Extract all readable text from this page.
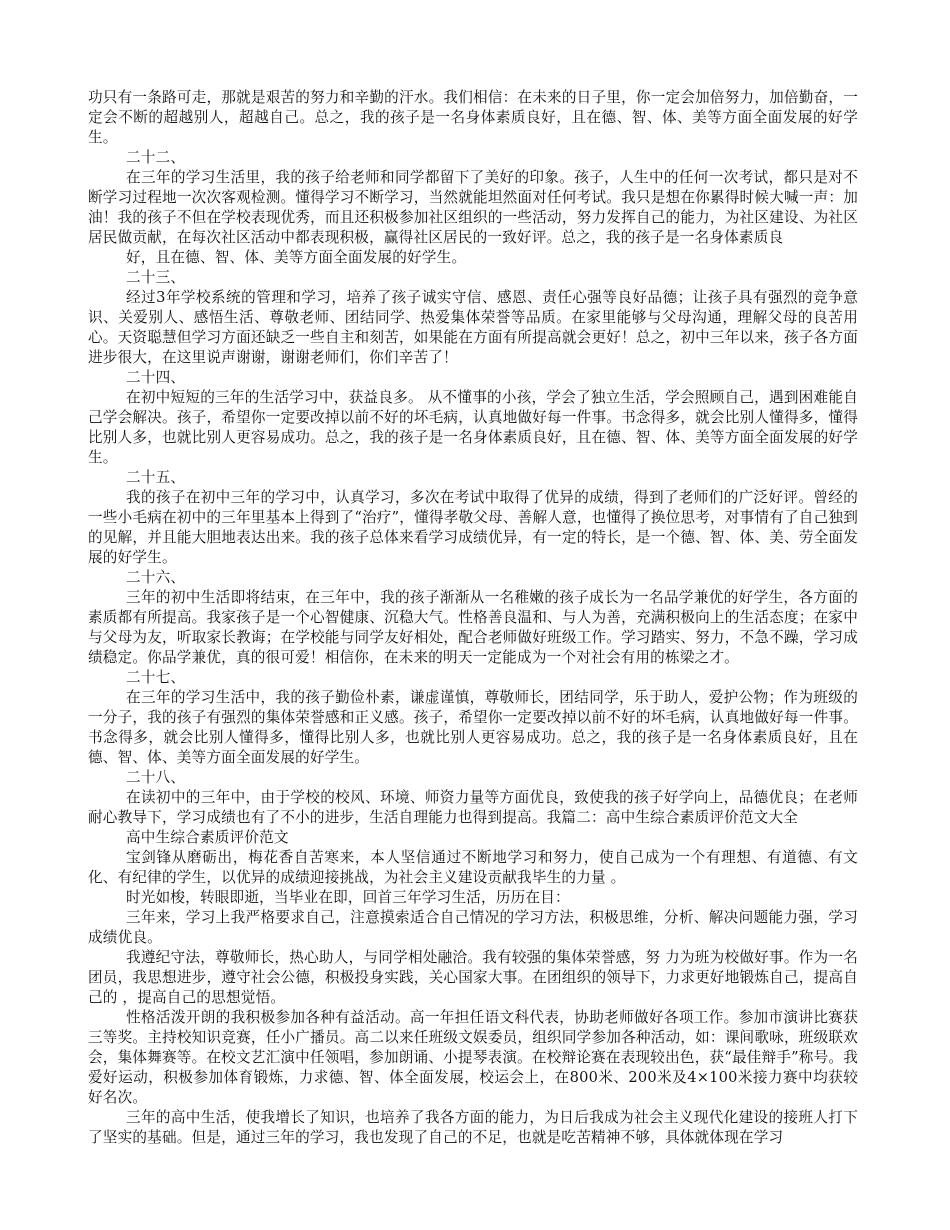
功只有一条路可走，那就是艰苦的努力和辛勤的汗水。我们相信：在未来的日子里，你一定会加倍努力，加倍勤奋，一定会不断的超越别人，超越自己。总之，我的孩子是一名身体素质良好，且在德、智、体、美等方面全面发展的好学生。

二十二、

在三年的学习生活里，我的孩子给老师和同学都留下了美好的印象。孩子，人生中的任何一次考试，都只是对不断学习过程地一次次客观检测。懂得学习不断学习，当然就能坦然面对任何考试。我只是想在你累得时候大喊一声：加油！我的孩子不但在学校表现优秀，而且还积极参加社区组织的一些活动，努力发挥自己的能力，为社区建设、为社区居民做贡献，在每次社区活动中都表现积极，赢得社区居民的一致好评。总之，我的孩子是一名身体素质良

好，且在德、智、体、美等方面全面发展的好学生。

二十三、

经过3年学校系统的管理和学习，培养了孩子诚实守信、感恩、责任心强等良好品德；让孩子具有强烈的竞争意识、关爱别人、感悟生活、尊敬老师、团结同学、热爱集体荣誉等品质。在家里能够与父母沟通，理解父母的良苦用心。天资聪慧但学习方面还缺乏一些自主和刻苦，如果能在方面有所提高就会更好！总之，初中三年以来，孩子各方面进步很大，在这里说声谢谢，谢谢老师们，你们辛苦了！

二十四、

在初中短短的三年的生活学习中，获益良多。 从不懂事的小孩，学会了独立生活，学会照顾自己，遇到困难能自己学会解决。孩子，希望你一定要改掉以前不好的坏毛病，认真地做好每一件事。书念得多，就会比别人懂得多，懂得比别人多，也就比别人更容易成功。总之，我的孩子是一名身体素质良好，且在德、智、体、美等方面全面发展的好学生。

二十五、

我的孩子在初中三年的学习中，认真学习，多次在考试中取得了优异的成绩，得到了老师们的广泛好评。曾经的一些小毛病在初中的三年里基本上得到了“治疗”，懂得孝敬父母、善解人意，也懂得了换位思考，对事情有了自己独到的见解，并且能大胆地表达出来。我的孩子总体来看学习成绩优异，有一定的特长，是一个德、智、体、美、劳全面发展的好学生。

二十六、

三年的初中生活即将结束，在三年中，我的孩子渐渐从一名稚嫩的孩子成长为一名品学兼优的好学生，各方面的素质都有所提高。我家孩子是一个心智健康、沉稳大气。性格善良温和、与人为善，充满积极向上的生活态度；在家中与父母为友，听取家长教诲；在学校能与同学友好相处，配合老师做好班级工作。学习踏实、努力，不急不躁，学习成绩稳定。你品学兼优，真的很可爱！相信你，在未来的明天一定能成为一个对社会有用的栋梁之才。

二十七、

在三年的学习生活中，我的孩子勤俭朴素，谦虚谨慎，尊敬师长，团结同学，乐于助人，爱护公物；作为班级的一分子，我的孩子有强烈的集体荣誉感和正义感。孩子，希望你一定要改掉以前不好的坏毛病，认真地做好每一件事。书念得多，就会比别人懂得多，懂得比别人多，也就比别人更容易成功。总之，我的孩子是一名身体素质良好，且在德、智、体、美等方面全面发展的好学生。

二十八、

在读初中的三年中，由于学校的校风、环境、师资力量等方面优良，致使我的孩子好学向上，品德优良；在老师耐心教导下，学习成绩也有了不小的进步，生活自理能力也得到提高。我篇二：高中生综合素质评价范文大全

高中生综合素质评价范文

宝剑锋从磨砺出，梅花香自苦寒来，本人坚信通过不断地学习和努力，使自己成为一个有理想、有道德、有文化、有纪律的学生，以优异的成绩迎接挑战，为社会主义建设贡献我毕生的力量 。

时光如梭，转眼即逝，当毕业在即，回首三年学习生活，历历在目：

三年来，学习上我严格要求自己，注意摸索适合自己情况的学习方法，积极思维，分析、解决问题能力强，学习成绩优良。

我遵纪守法，尊敬师长，热心助人，与同学相处融洽。我有较强的集体荣誉感，努 力为班为校做好事。作为一名团员，我思想进步，遵守社会公德，积极投身实践，关心国家大事。在团组织的领导下，力求更好地锻炼自己，提高自己的 ，提高自己的思想觉悟。

性格活泼开朗的我积极参加各种有益活动。高一年担任语文科代表，协助老师做好各项工作。参加市演讲比赛获三等奖。主持校知识竞赛，任小广播员。高二以来任班级文娱委员，组织同学参加各种活动，如：课间歌咏，班级联欢会，集体舞赛等。在校文艺汇演中任领唱，参加朗诵、小提琴表演。在校辩论赛在表现较出色，获“最佳辩手”称号。我爱好运动，积极参加体育锻炼，力求德、智、体全面发展，校运会上，在800米、200米及4×100米接力赛中均获较好名次。

三年的高中生活，使我增长了知识，也培养了我各方面的能力，为日后我成为社会主义现代化建设的接班人打下了坚实的基础。但是，通过三年的学习，我也发现了自己的不足，也就是吃苦精神不够，具体就体现在学习
